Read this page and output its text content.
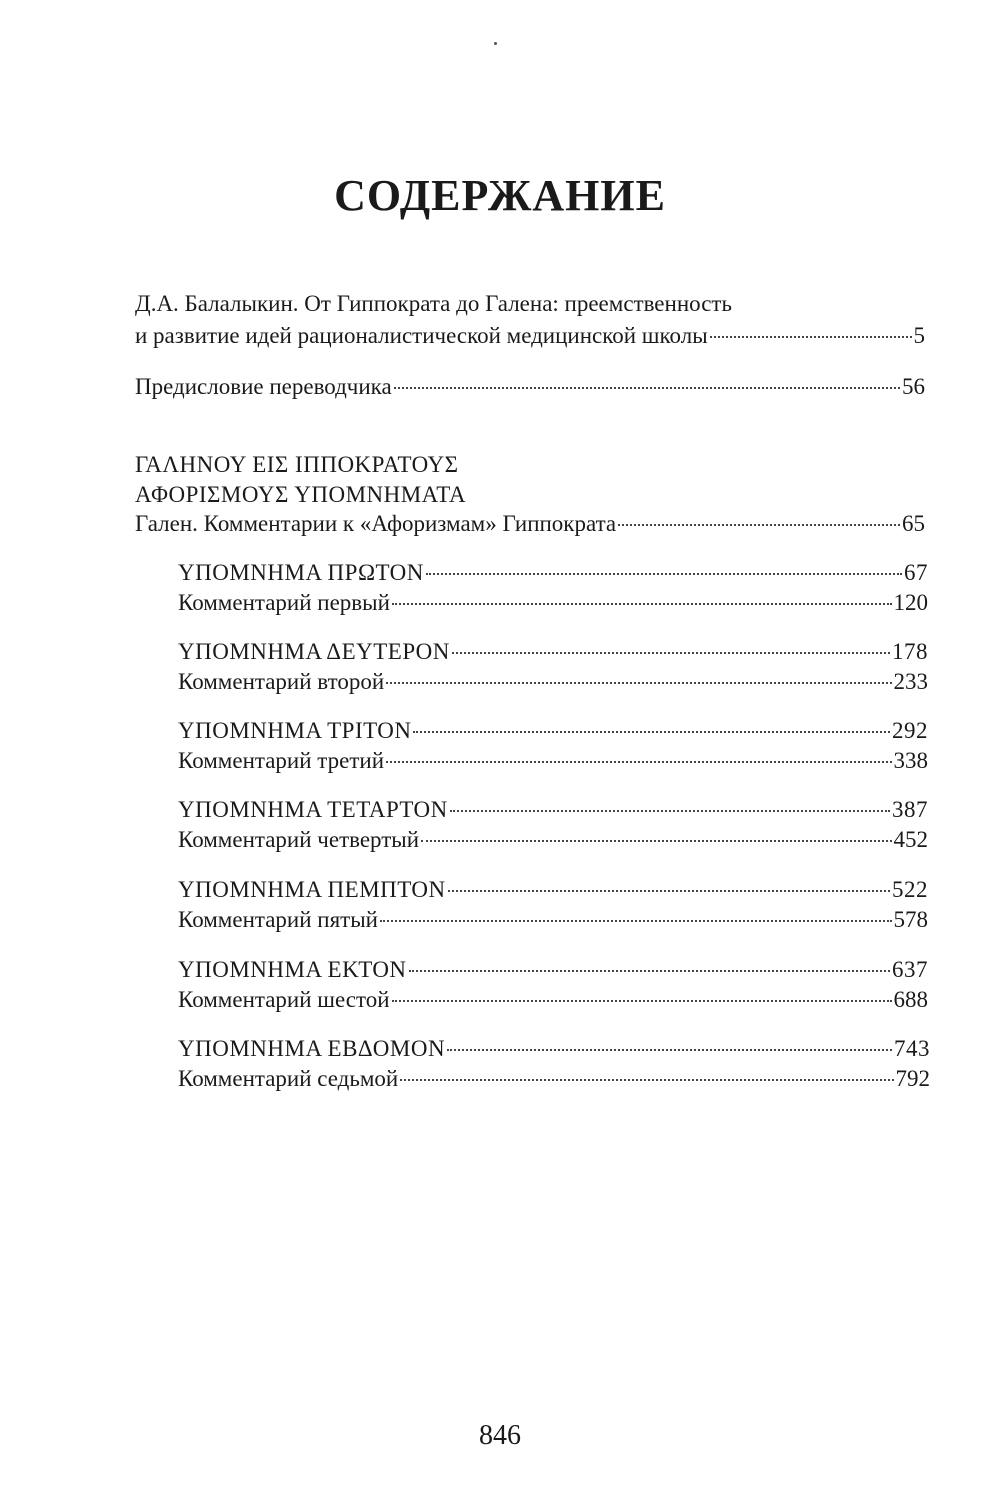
СОДЕРЖАНИЕ
Д.А. Балалыкин. От Гиппократа до Галена: преемственность
и развитие идей рационалистической медицинской школы	5
Предисловие переводчика	56
ΓΑΛΗΝΟΥ ΕΙΣ ΙΠΠΟΚΡΑΤΟΥΣ
ΑΦΟΡΙΣΜΟΥΣ ΥΠΟΜΝΗΜΑΤΑ
Гален. Комментарии к «Афоризмам» Гиппократа	65
ΥΠΟΜΝΗΜΑ ΠΡΩΤΟΝ	67
Комментарий первый	120
ΥΠΟΜΝΗΜΑ ΔΕΥΤΕΡΟΝ	178
Комментарий второй	233
ΥΠΟΜΝΗΜΑ ΤΡΙΤΟΝ	292
Комментарий третий	338
ΥΠΟΜΝΗΜΑ ΤΕΤΑΡΤΟΝ	387
Комментарий четвертый	452
ΥΠΟΜΝΗΜΑ ΠΕΜΠΤΟΝ	522
Комментарий пятый	578
ΥΠΟΜΝΗΜΑ ΕΚΤΟΝ	637
Комментарий шестой	688
ΥΠΟΜΝΗΜΑ ΕΒΔΟΜΟΝ	743
Комментарий седьмой	792
846
